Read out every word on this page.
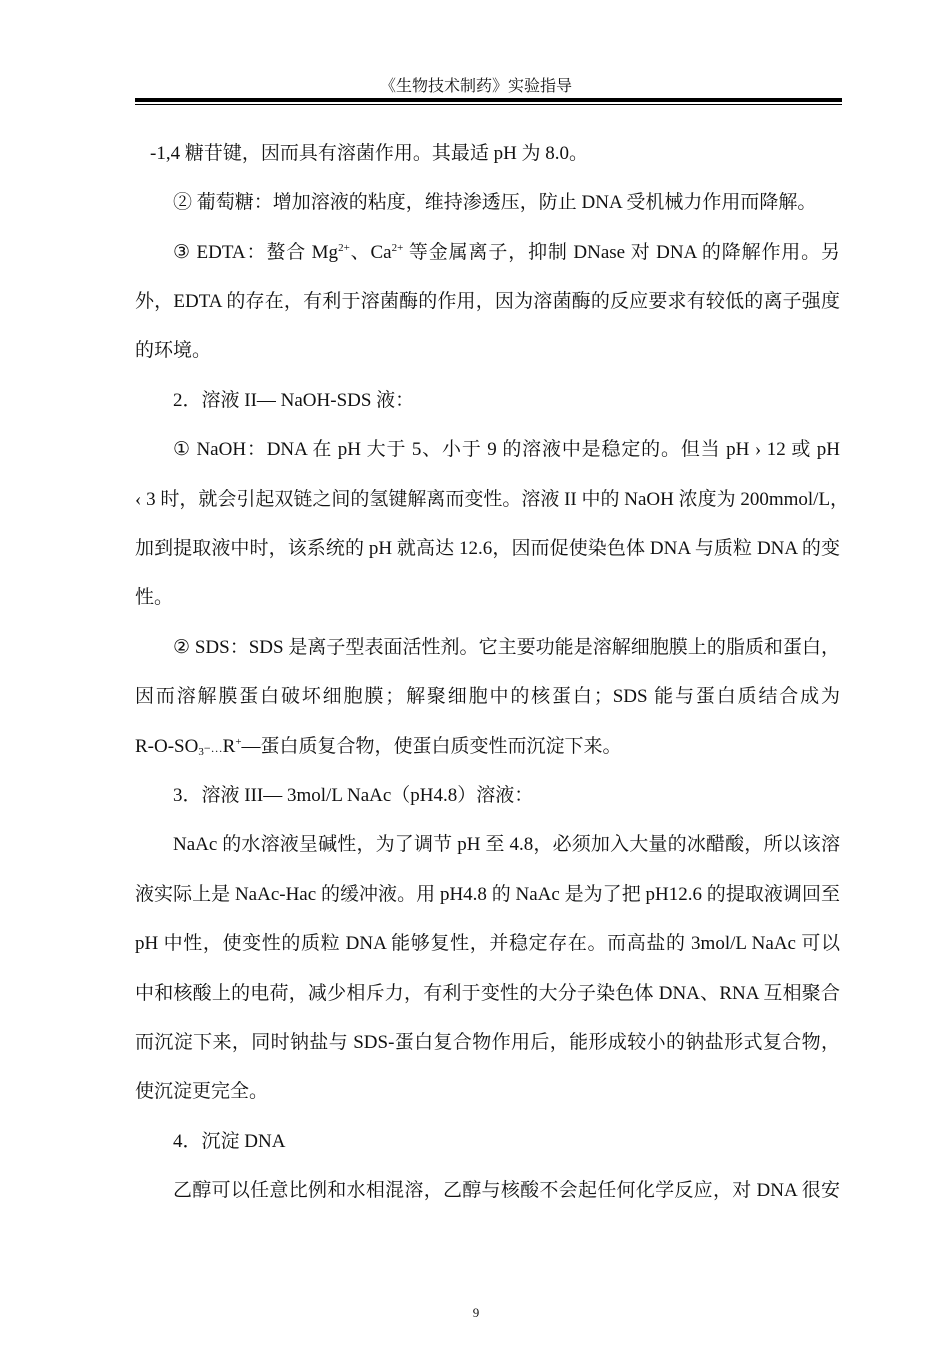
《生物技术制药》实验指导
-1,4 糖苷键，因而具有溶菌作用。其最适 pH 为 8.0。
② 葡萄糖：增加溶液的粘度，维持渗透压，防止 DNA 受机械力作用而降解。
③ EDTA：螯合 $Mg^{2+}$、$Ca^{2+}$ 等金属离子，抑制 DNase 对 DNA 的降解作用。另
外，EDTA 的存在，有利于溶菌酶的作用，因为溶菌酶的反应要求有较低的离子强度
的环境。
2．溶液 II— NaOH-SDS 液：
① NaOH：DNA 在 pH 大于 5、小于 9 的溶液中是稳定的。但当 pH › 12 或 pH
‹ 3 时，就会引起双链之间的氢键解离而变性。溶液 II 中的 NaOH 浓度为 200mmol/L，
加到提取液中时，该系统的 pH 就高达 12.6，因而促使染色体 DNA 与质粒 DNA 的变
性。
② SDS：SDS 是离子型表面活性剂。它主要功能是溶解细胞膜上的脂质和蛋白，
因而溶解膜蛋白破坏细胞膜；解聚细胞中的核蛋白；SDS 能与蛋白质结合成为
$R-O-SO_3-\dots R^+—$蛋白质复合物，使蛋白质变性而沉淀下来。
3．溶液 III— 3mol/L NaAc（pH4.8）溶液：
NaAc 的水溶液呈碱性，为了调节 pH 至 4.8，必须加入大量的冰醋酸，所以该溶
液实际上是 NaAc-Hac 的缓冲液。用 pH4.8 的 NaAc 是为了把 pH12.6 的提取液调回至
pH 中性，使变性的质粒 DNA 能够复性，并稳定存在。而高盐的 3mol/L NaAc 可以
中和核酸上的电荷，减少相斥力，有利于变性的大分子染色体 DNA、RNA 互相聚合
而沉淀下来，同时钠盐与 SDS-蛋白复合物作用后，能形成较小的钠盐形式复合物，
使沉淀更完全。
4．沉淀 DNA
乙醇可以任意比例和水相混溶，乙醇与核酸不会起任何化学反应，对 DNA 很安
9
